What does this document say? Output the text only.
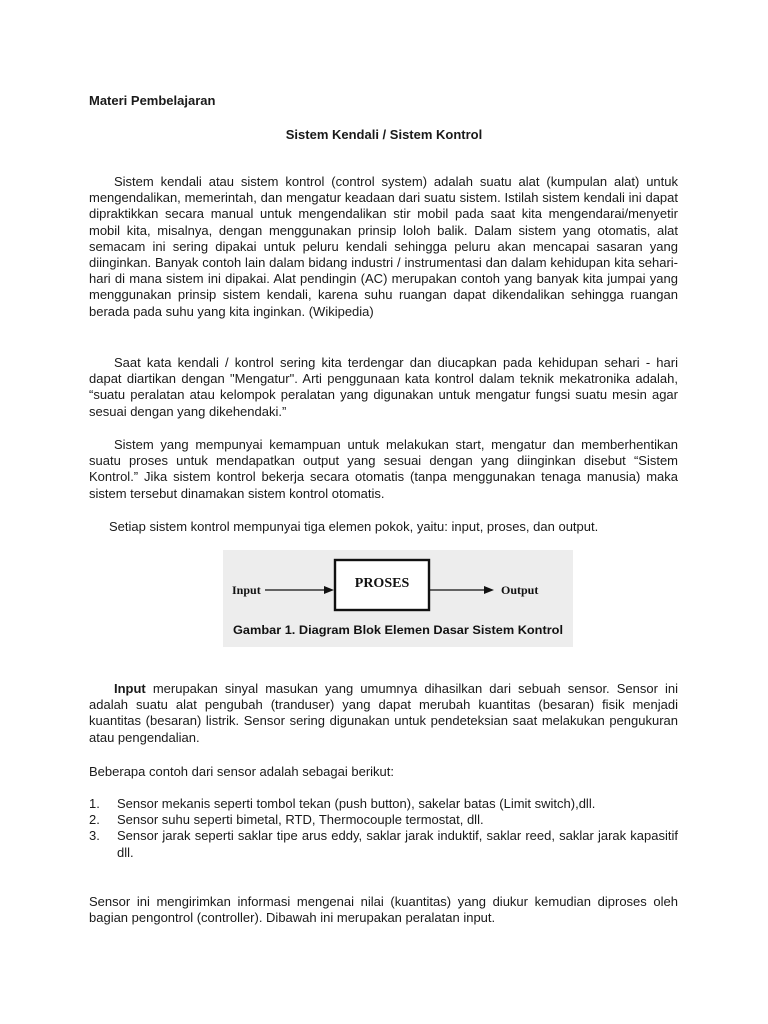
Materi Pembelajaran

Sistem Kendali / Sistem Kontrol

Sistem kendali atau sistem kontrol (control system) adalah suatu alat (kumpulan alat) untuk mengendalikan, memerintah, dan mengatur keadaan dari suatu sistem. Istilah sistem kendali ini dapat dipraktikkan secara manual untuk mengendalikan stir mobil pada saat kita mengendarai/menyetir mobil kita, misalnya, dengan menggunakan prinsip loloh balik. Dalam sistem yang otomatis, alat semacam ini sering dipakai untuk peluru kendali sehingga peluru akan mencapai sasaran yang diinginkan. Banyak contoh lain dalam bidang industri / instrumentasi dan dalam kehidupan kita sehari-hari di mana sistem ini dipakai. Alat pendingin (AC) merupakan contoh yang banyak kita jumpai yang menggunakan prinsip sistem kendali, karena suhu ruangan dapat dikendalikan sehingga ruangan berada pada suhu yang kita inginkan. (Wikipedia)

Saat kata kendali / kontrol sering kita terdengar dan diucapkan pada kehidupan sehari - hari dapat diartikan dengan "Mengatur". Arti penggunaan kata kontrol dalam teknik mekatronika adalah, “suatu peralatan atau kelompok peralatan yang digunakan untuk mengatur fungsi suatu mesin agar sesuai dengan yang dikehendaki.”

Sistem yang mempunyai kemampuan untuk melakukan start, mengatur dan memberhentikan suatu proses untuk mendapatkan output yang sesuai dengan yang diinginkan disebut “Sistem Kontrol.” Jika sistem kontrol bekerja secara otomatis (tanpa menggunakan tenaga manusia) maka sistem tersebut dinamakan sistem kontrol otomatis.

Setiap sistem kontrol mempunyai tiga elemen pokok, yaitu: input, proses, dan output.

Input	PROSES	Output
Gambar 1. Diagram Blok Elemen Dasar Sistem Kontrol

Input merupakan sinyal masukan yang umumnya dihasilkan dari sebuah sensor. Sensor ini adalah suatu alat pengubah (tranduser) yang dapat merubah kuantitas (besaran) fisik menjadi kuantitas (besaran) listrik. Sensor sering digunakan untuk pendeteksian saat melakukan pengukuran atau pengendalian.

Beberapa contoh dari sensor adalah sebagai berikut:

1. Sensor mekanis seperti tombol tekan (push button), sakelar batas (Limit switch),dll.
2. Sensor suhu seperti bimetal, RTD, Thermocouple termostat, dll.
3. Sensor jarak seperti saklar tipe arus eddy, saklar jarak induktif, saklar reed, saklar jarak kapasitif dll.

Sensor ini mengirimkan informasi mengenai nilai (kuantitas) yang diukur kemudian diproses oleh bagian pengontrol (controller). Dibawah ini merupakan peralatan input.
